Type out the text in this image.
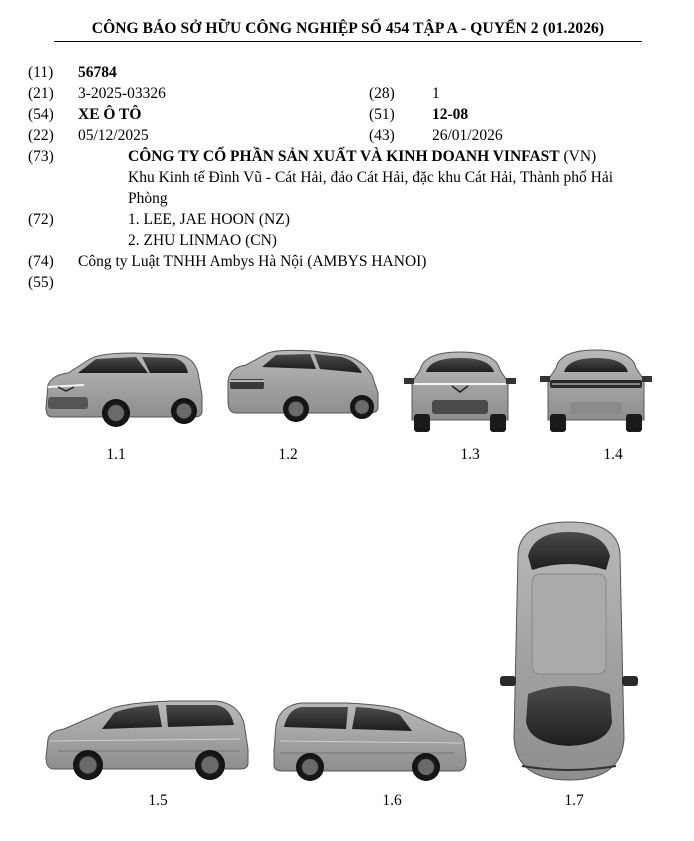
CÔNG BÁO SỞ HỮU CÔNG NGHIỆP SỐ 454 TẬP A - QUYỂN 2 (01.2026)
(11) 56784
(21) 3-2025-03326	(28) 1
(54) XE Ô TÔ	(51) 12-08
(22) 05/12/2025	(43) 26/01/2026
(73)	CÔNG TY CỔ PHẦN SẢN XUẤT VÀ KINH DOANH VINFAST (VN)
Khu Kinh tế Đình Vũ - Cát Hải, đảo Cát Hải, đặc khu Cát Hải, Thành phố Hải
Phòng
(72)	1. LEE, JAE HOON (NZ)
2. ZHU LINMAO (CN)
(74) Công ty Luật TNHH Ambys Hà Nội (AMBYS HANOI)
(55)
1.1	1.2	1.3	1.4
1.5	1.6	1.7
